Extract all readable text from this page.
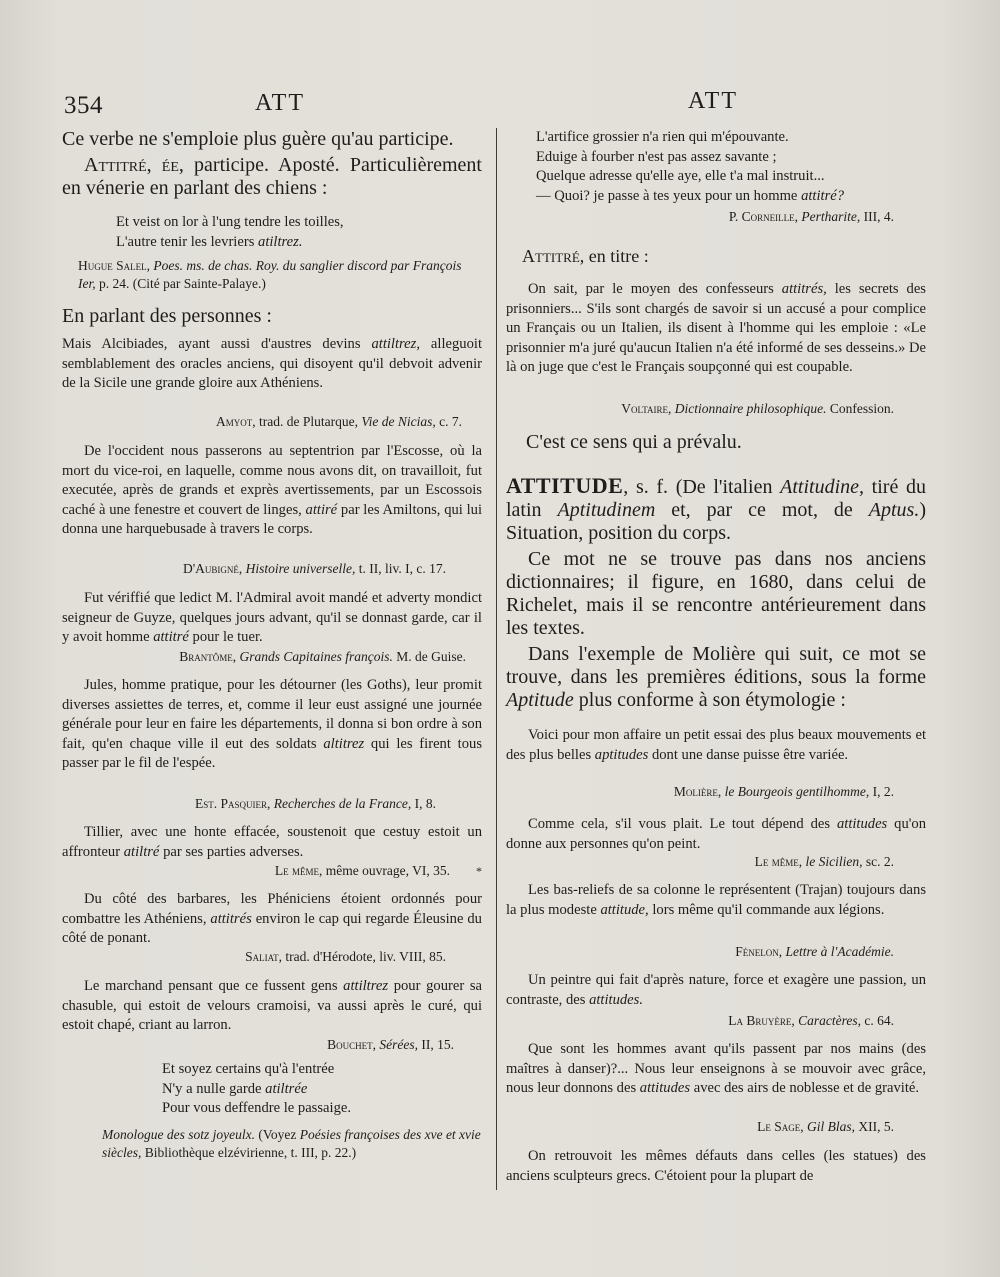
354	ATT	ATT

Ce verbe ne s'emploie plus guère qu'au participe.

Attitré, ée, participe. Aposté. Particulièrement en vénerie en parlant des chiens :

Et veist on lor à l'ung tendre les toilles,
L'autre tenir les levriers atiltrez.

Hugue Salel, Poes. ms. de chas. Roy. du sanglier discord par François Ier, p. 24. (Cité par Sainte-Palaye.)

En parlant des personnes :

Mais Alcibiades, ayant aussi d'austres devins attiltrez, alleguoit semblablement des oracles anciens, qui disoyent qu'il debvoit advenir de la Sicile une grande gloire aux Athéniens.

Amyot, trad. de Plutarque, Vie de Nicias, c. 7.

De l'occident nous passerons au septentrion par l'Escosse, où la mort du vice-roi, en laquelle, comme nous avons dit, on travailloit, fut executée, après de grands et exprès avertissements, par un Escossois caché à une fenestre et couvert de linges, attiré par les Amiltons, qui lui donna une harquebusade à travers le corps.

D'Aubigné, Histoire universelle, t. II, liv. I, c. 17.

Fut vériffié que ledict M. l'Admiral avoit mandé et adverty mondict seigneur de Guyze, quelques jours advant, qu'il se donnast garde, car il y avoit homme attitré pour le tuer.

Brantôme, Grands Capitaines françois. M. de Guise.

Jules, homme pratique, pour les détourner (les Goths), leur promit diverses assiettes de terres, et, comme il leur eust assigné une journée générale pour leur en faire les départements, il donna si bon ordre à son fait, qu'en chaque ville il eut des soldats altitrez qui les firent tous passer par le fil de l'espée.

Est. Pasquier, Recherches de la France, I, 8.

Tillier, avec une honte effacée, soustenoit que cestuy estoit un affronteur atiltré par ses parties adverses.

Le même, même ouvrage, VI, 35.

Du côté des barbares, les Phéniciens étoient ordonnés pour combattre les Athéniens, attitrés environ le cap qui regarde Éleusine du côté de ponant.

Saliat, trad. d'Hérodote, liv. VIII, 85.

Le marchand pensant que ce fussent gens attiltrez pour gourer sa chasuble, qui estoit de velours cramoisi, va aussi après le curé, qui estoit chapé, criant au larron.

Bouchet, Sérées, II, 15.

Et soyez certains qu'à l'entrée
N'y a nulle garde atiltrée
Pour vous deffendre le passaige.

Monologue des sotz joyeulx. (Voyez Poésies françoises des xve et xvie siècles, Bibliothèque elzévirienne, t. III, p. 22.)

*

L'artifice grossier n'a rien qui m'épouvante.
Eduige à fourber n'est pas assez savante ;
Quelque adresse qu'elle aye, elle t'a mal instruit...
— Quoi? je passe à tes yeux pour un homme attitré?

P. Corneille, Pertharite, III, 4.

Attitré, en titre :

On sait, par le moyen des confesseurs attitrés, les secrets des prisonniers... S'ils sont chargés de savoir si un accusé a pour complice un Français ou un Italien, ils disent à l'homme qui les emploie : «Le prisonnier m'a juré qu'aucun Italien n'a été informé de ses desseins.» De là on juge que c'est le Français soupçonné qui est coupable.

Voltaire, Dictionnaire philosophique. Confession.

C'est ce sens qui a prévalu.

ATTITUDE, s. f. (De l'italien Attitudine, tiré du latin Aptitudinem et, par ce mot, de Aptus.) Situation, position du corps.

Ce mot ne se trouve pas dans nos anciens dictionnaires; il figure, en 1680, dans celui de Richelet, mais il se rencontre antérieurement dans les textes.

Dans l'exemple de Molière qui suit, ce mot se trouve, dans les premières éditions, sous la forme Aptitude plus conforme à son étymologie :

Voici pour mon affaire un petit essai des plus beaux mouvements et des plus belles aptitudes dont une danse puisse être variée.

Molière, le Bourgeois gentilhomme, I, 2.

Comme cela, s'il vous plait. Le tout dépend des attitudes qu'on donne aux personnes qu'on peint.

Le même, le Sicilien, sc. 2.

Les bas-reliefs de sa colonne le représentent (Trajan) toujours dans la plus modeste attitude, lors même qu'il commande aux légions.

Fénelon, Lettre à l'Académie.

Un peintre qui fait d'après nature, force et exagère une passion, un contraste, des attitudes.

La Bruyère, Caractères, c. 64.

Que sont les hommes avant qu'ils passent par nos mains (des maîtres à danser)?... Nous leur enseignons à se mouvoir avec grâce, nous leur donnons des attitudes avec des airs de noblesse et de gravité.

Le Sage, Gil Blas, XII, 5.

On retrouvoit les mêmes défauts dans celles (les statues) des anciens sculpteurs grecs. C'étoient pour la plupart de
